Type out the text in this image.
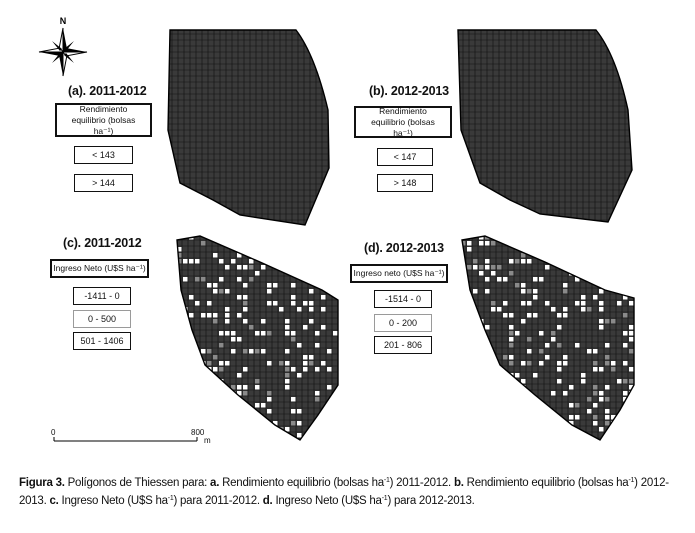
N
0	800
m
(a). 2011-2012
Rendimiento equilibrio (bolsas ha⁻¹)
< 143
> 144
(b). 2012-2013
Rendimiento equilibrio (bolsas ha⁻¹)
< 147
> 148
(c). 2011-2012
Ingreso Neto (U$S ha⁻¹)
-1411 - 0
0 - 500
501 - 1406
(d). 2012-2013
Ingreso neto (U$S ha⁻¹)
-1514 - 0
0 - 200
201 - 806
Figura 3. Polígonos de Thiessen para: a. Rendimiento equilibrio (bolsas $ha^{-1}$) 2011-2012. b. Rendimiento equilibrio (bolsas $ha^{-1}$) 2012-2013. c. Ingreso Neto (U$S $ha^{-1}$) para 2011-2012. d. Ingreso Neto (U$S $ha^{-1}$) para 2012-2013.
